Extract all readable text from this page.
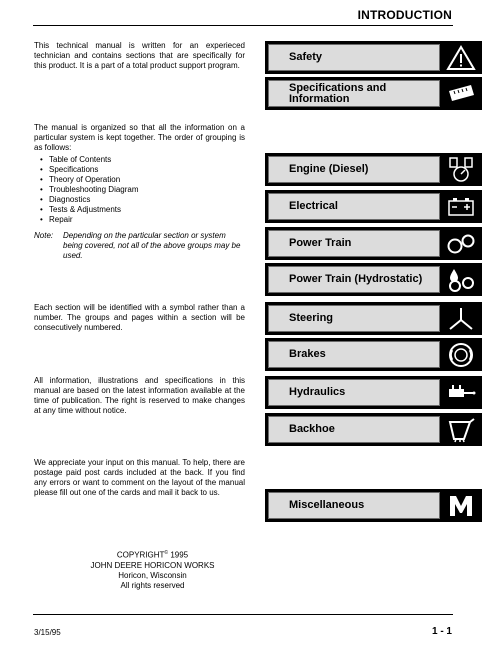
INTRODUCTION

This technical manual is written for an experieced technician and contains sections that are specifically for this product. It is a part of a total product support program.

The manual is organized so that all the information on a particular system is kept together. The order of grouping is as follows:

• Table of Contents
• Specifications
• Theory of Operation
• Troubleshooting Diagram
• Diagnostics
• Tests & Adjustments
• Repair
Note: Depending on the particular section or system being covered, not all of the above groups may be used.

Each section will be identified with a symbol rather than a number. The groups and pages within a section will be consecutively numbered.

All information, illustrations and specifications in this manual are based on the latest information available at the time of publication. The right is reserved to make changes at any time without notice.

We appreciate your input on this manual. To help, there are postage paid post cards included at the back. If you find any errors or want to comment on the layout of the manual please fill out one of the cards and mail it back to us.

COPYRIGHT© 1995
JOHN DEERE HORICON WORKS
Horicon, Wisconsin
All rights reserved
Safety
Specifications and Information
Engine (Diesel)
Electrical
Power Train
Power Train (Hydrostatic)
Steering
Brakes
Hydraulics
Backhoe
Miscellaneous
3/15/95	1 - 1
